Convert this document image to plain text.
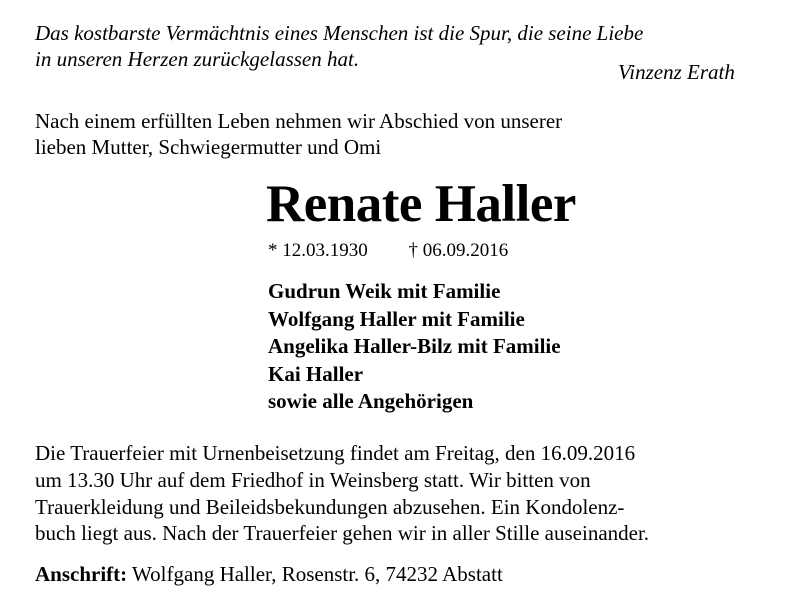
Das kostbarste Vermächtnis eines Menschen ist die Spur, die seine Liebe
in unseren Herzen zurückgelassen hat.
Vinzenz Erath
Nach einem erfüllten Leben nehmen wir Abschied von unserer
lieben Mutter, Schwiegermutter und Omi
Renate Haller
* 12.03.1930 † 06.09.2016
Gudrun Weik mit Familie
Wolfgang Haller mit Familie
Angelika Haller-Bilz mit Familie
Kai Haller
sowie alle Angehörigen
Die Trauerfeier mit Urnenbeisetzung findet am Freitag, den 16.09.2016
um 13.30 Uhr auf dem Friedhof in Weinsberg statt. Wir bitten von
Trauerkleidung und Beileidsbekundungen abzusehen. Ein Kondolenz-
buch liegt aus. Nach der Trauerfeier gehen wir in aller Stille auseinander.
Anschrift: Wolfgang Haller, Rosenstr. 6, 74232 Abstatt
